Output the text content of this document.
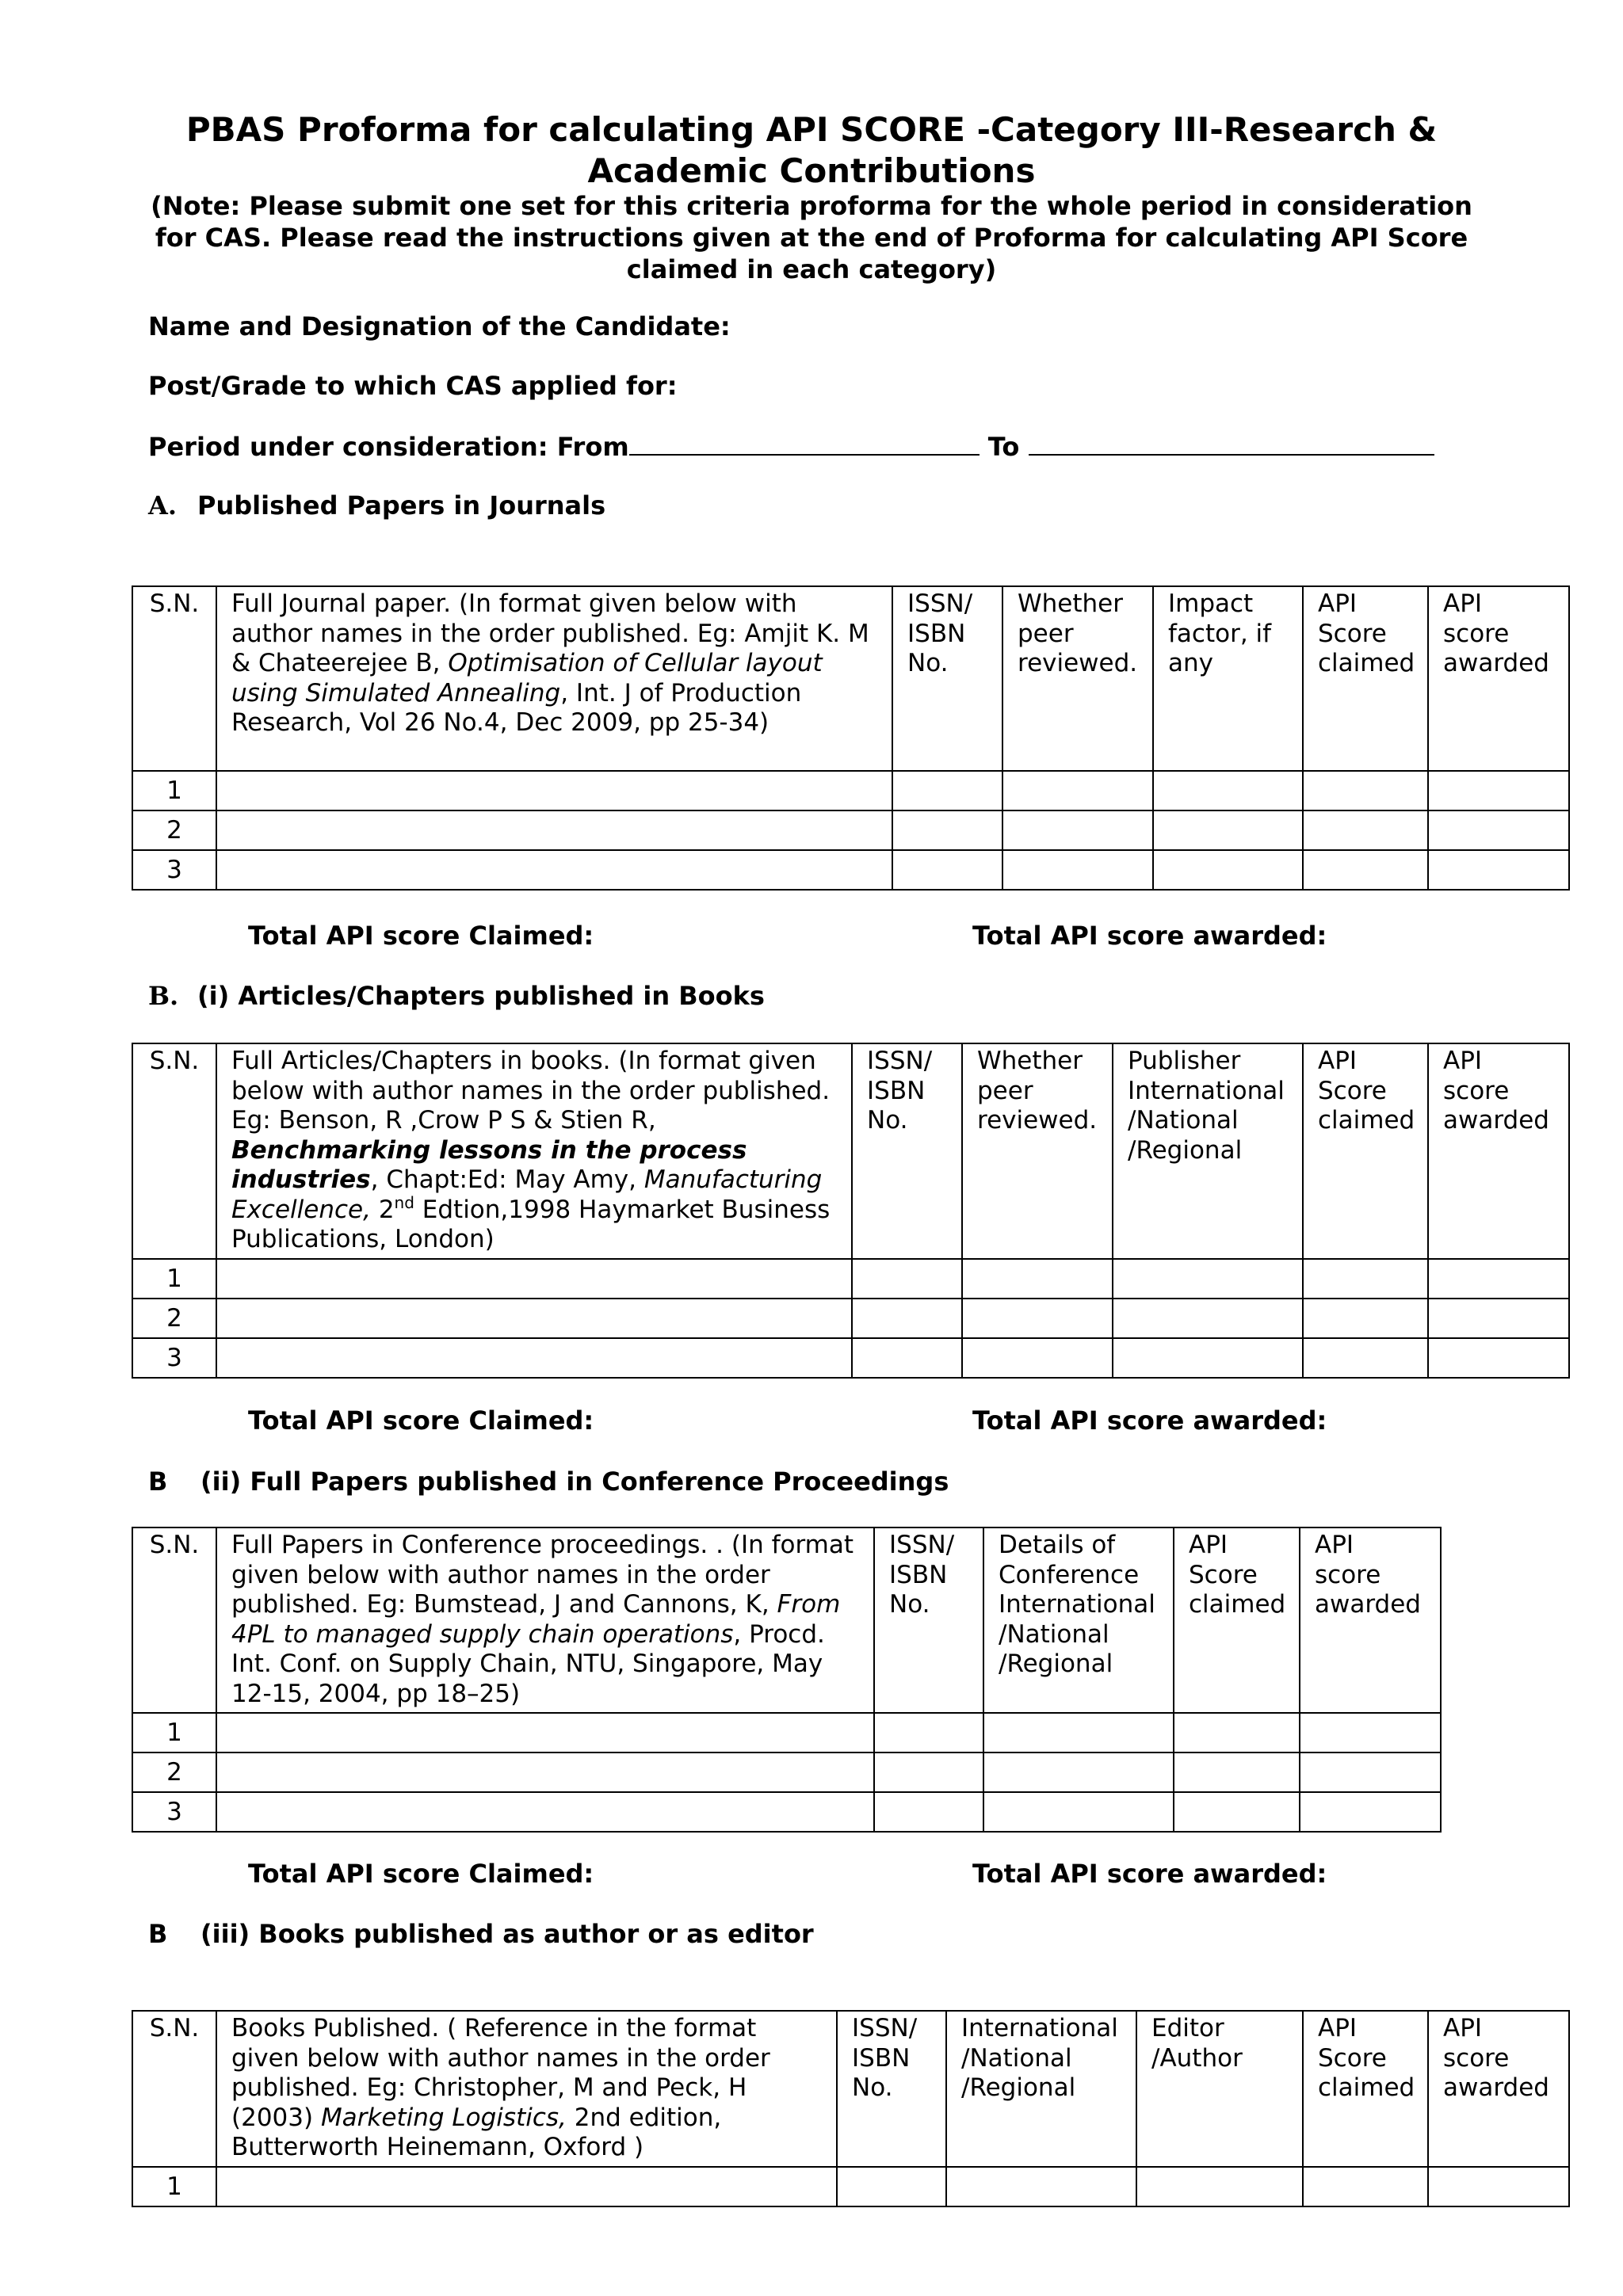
PBAS Proforma for calculating API SCORE -Category III-Research & Academic Contributions
(Note: Please submit one set for this criteria proforma for the whole period in consideration for CAS. Please read the instructions given at the end of Proforma for calculating API Score claimed in each category)
Name and Designation of the Candidate:
Post/Grade to which CAS applied for:
Period under consideration: From	To
A. Published Papers in Journals
S.N.	Full Journal paper. (In format given below with author names in the order published. Eg: Amjit K. M & Chateerejee B, Optimisation of Cellular layout using Simulated Annealing, Int. J of Production Research, Vol 26 No.4, Dec 2009, pp 25-34)	ISSN/ ISBN No.	Whether peer reviewed.	Impact factor, if any	API Score claimed	API score awarded
1						
2						
3						
Total API score Claimed:	Total API score awarded:
B. (i) Articles/Chapters published in Books
S.N.	Full Articles/Chapters in books. (In format given below with author names in the order published. Eg: Benson, R ,Crow P S & Stien R, Benchmarking lessons in the process industries, Chapt:Ed: May Amy, Manufacturing Excellence, 2nd Edtion,1998 Haymarket Business Publications, London)	ISSN/ ISBN No.	Whether peer reviewed.	Publisher International /National /Regional	API Score claimed	API score awarded
1						
2						
3						
Total API score Claimed:	Total API score awarded:
B (ii) Full Papers published in Conference Proceedings
S.N.	Full Papers in Conference proceedings. . (In format given below with author names in the order published. Eg: Bumstead, J and Cannons, K, From 4PL to managed supply chain operations, Procd. Int. Conf. on Supply Chain, NTU, Singapore, May 12-15, 2004, pp 18–25)	ISSN/ ISBN No.	Details of Conference International /National /Regional	API Score claimed	API score awarded
1					
2					
3					
Total API score Claimed:	Total API score awarded:
B (iii) Books published as author or as editor
S.N.	Books Published. ( Reference in the format given below with author names in the order published. Eg: Christopher, M and Peck, H (2003) Marketing Logistics, 2nd edition, Butterworth Heinemann, Oxford )	ISSN/ ISBN No.	International /National /Regional	Editor /Author	API Score claimed	API score awarded
1						
